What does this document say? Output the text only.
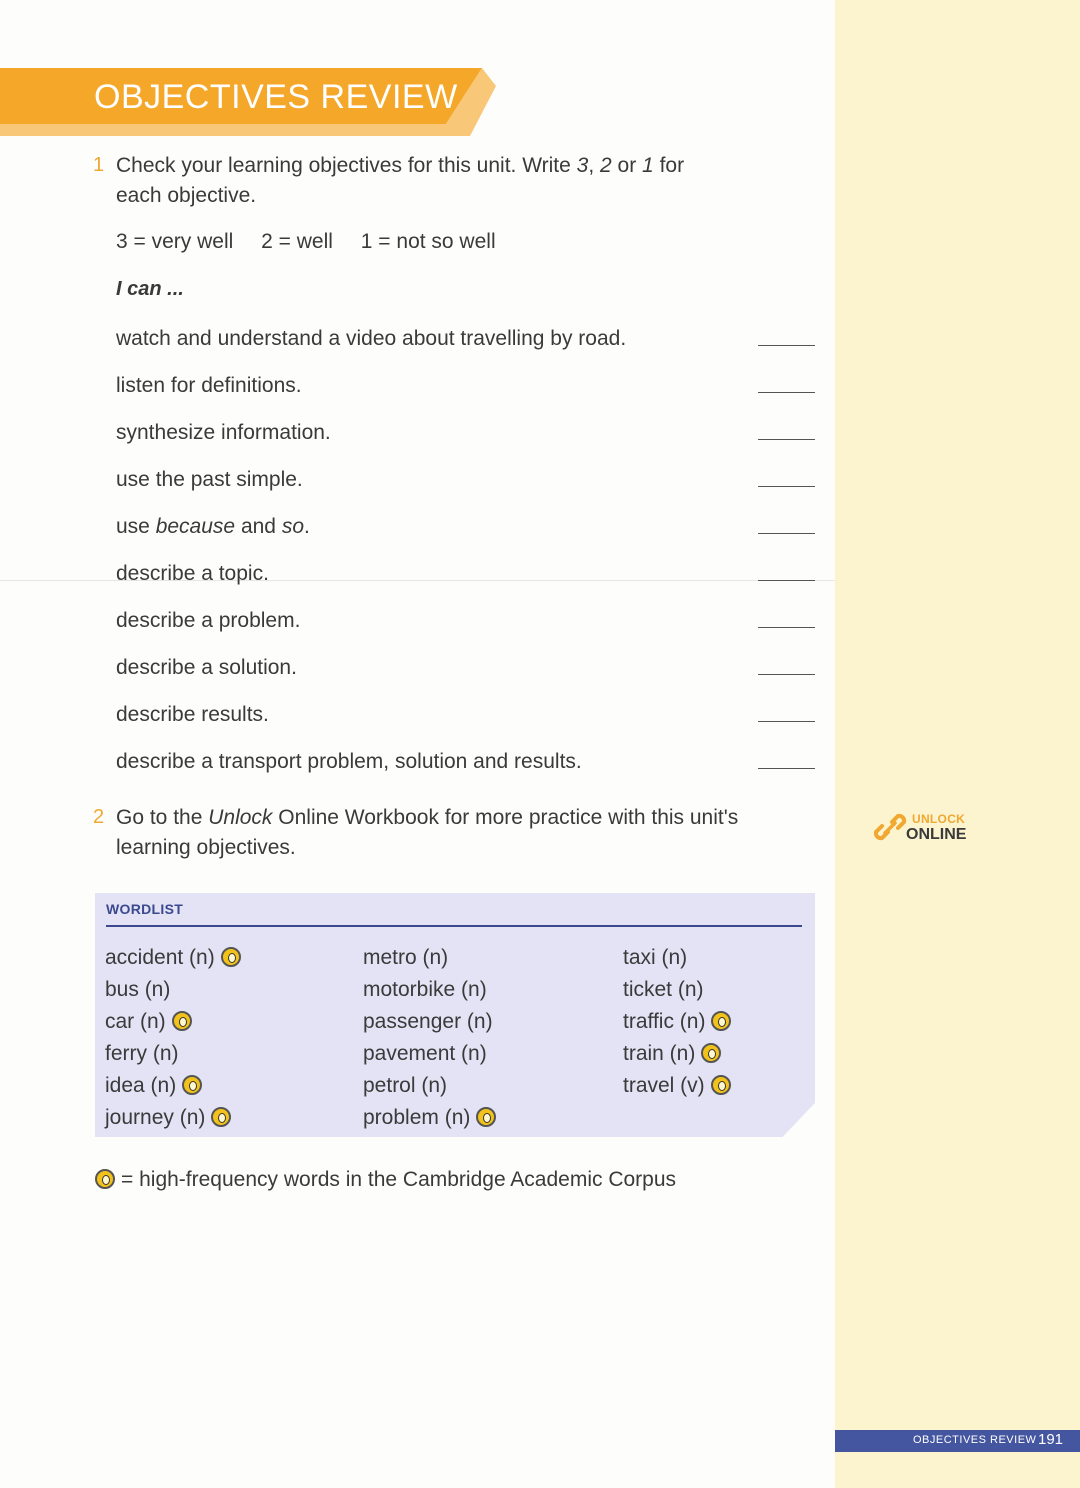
OBJECTIVES REVIEW
1 Check your learning objectives for this unit. Write 3, 2 or 1 for
each objective.
3 = very well 2 = well 1 = not so well
I can ...
watch and understand a video about travelling by road.
listen for definitions.
synthesize information.
use the past simple.
use because and so.
describe a topic.
describe a problem.
describe a solution.
describe results.
describe a transport problem, solution and results.
2 Go to the Unlock Online Workbook for more practice with this unit's
learning objectives.
UNLOCK
ONLINE
WORDLIST
accident (n)
bus (n)
car (n)
ferry (n)
idea (n)
journey (n)
metro (n)
motorbike (n)
passenger (n)
pavement (n)
petrol (n)
problem (n)
taxi (n)
ticket (n)
traffic (n)
train (n)
travel (v)
= high-frequency words in the Cambridge Academic Corpus
OBJECTIVES REVIEW 191
